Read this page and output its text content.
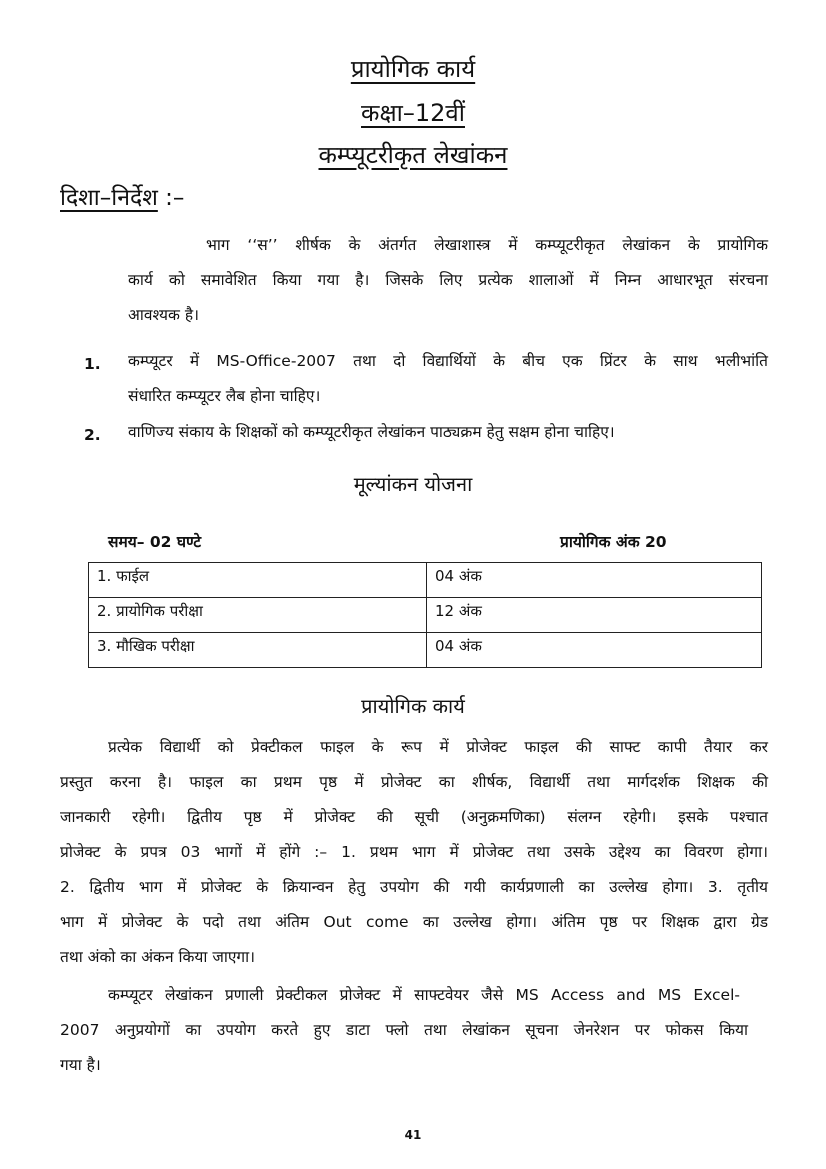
प्रायोगिक कार्य
कक्षा–12वीं
कम्प्यूटरीकृत लेखांकन
दिशा–निर्देश :–
भाग ‘‘स’’ शीर्षक के अंतर्गत लेखाशास्त्र में कम्प्यूटरीकृत लेखांकन के प्रायोगिक
कार्य को समावेशित किया गया है। जिसके लिए प्रत्येक शालाओं में निम्न आधारभूत संरचना
आवश्यक है।
1. कम्प्यूटर में MS-Office-2007 तथा दो विद्यार्थियों के बीच एक प्रिंटर के साथ भलीभांति
संधारित कम्प्यूटर लैब होना चाहिए।
2. वाणिज्य संकाय के शिक्षकों को कम्प्यूटरीकृत लेखांकन पाठ्यक्रम हेतु सक्षम होना चाहिए।
मूल्यांकन योजना
समय– 02 घण्टे	प्रायोगिक अंक 20
1. फाईल	04 अंक
2. प्रायोगिक परीक्षा	12 अंक
3. मौखिक परीक्षा	04 अंक
प्रायोगिक कार्य
प्रत्येक विद्यार्थी को प्रेक्टीकल फाइल के रूप में प्रोजेक्ट फाइल की साफ्ट कापी तैयार कर
प्रस्तुत करना है। फाइल का प्रथम पृष्ठ में प्रोजेक्ट का शीर्षक, विद्यार्थी तथा मार्गदर्शक शिक्षक की
जानकारी रहेगी। द्वितीय पृष्ठ में प्रोजेक्ट की सूची (अनुक्रमणिका) संलग्न रहेगी। इसके पश्चात
प्रोजेक्ट के प्रपत्र 03 भागों में होंगे :– 1. प्रथम भाग में प्रोजेक्ट तथा उसके उद्देश्य का विवरण होगा।
2. द्वितीय भाग में प्रोजेक्ट के क्रियान्वन हेतु उपयोग की गयी कार्यप्रणाली का उल्लेख होगा। 3. तृतीय
भाग में प्रोजेक्ट के पदो तथा अंतिम Out come का उल्लेख होगा। अंतिम पृष्ठ पर शिक्षक द्वारा ग्रेड
तथा अंको का अंकन किया जाएगा।
कम्प्यूटर लेखांकन प्रणाली प्रेक्टीकल प्रोजेक्ट में साफ्टवेयर जैसे MS Access and MS Excel-
2007 अनुप्रयोगों का उपयोग करते हुए डाटा फ्लो तथा लेखांकन सूचना जेनरेशन पर फोकस किया
गया है।
41
